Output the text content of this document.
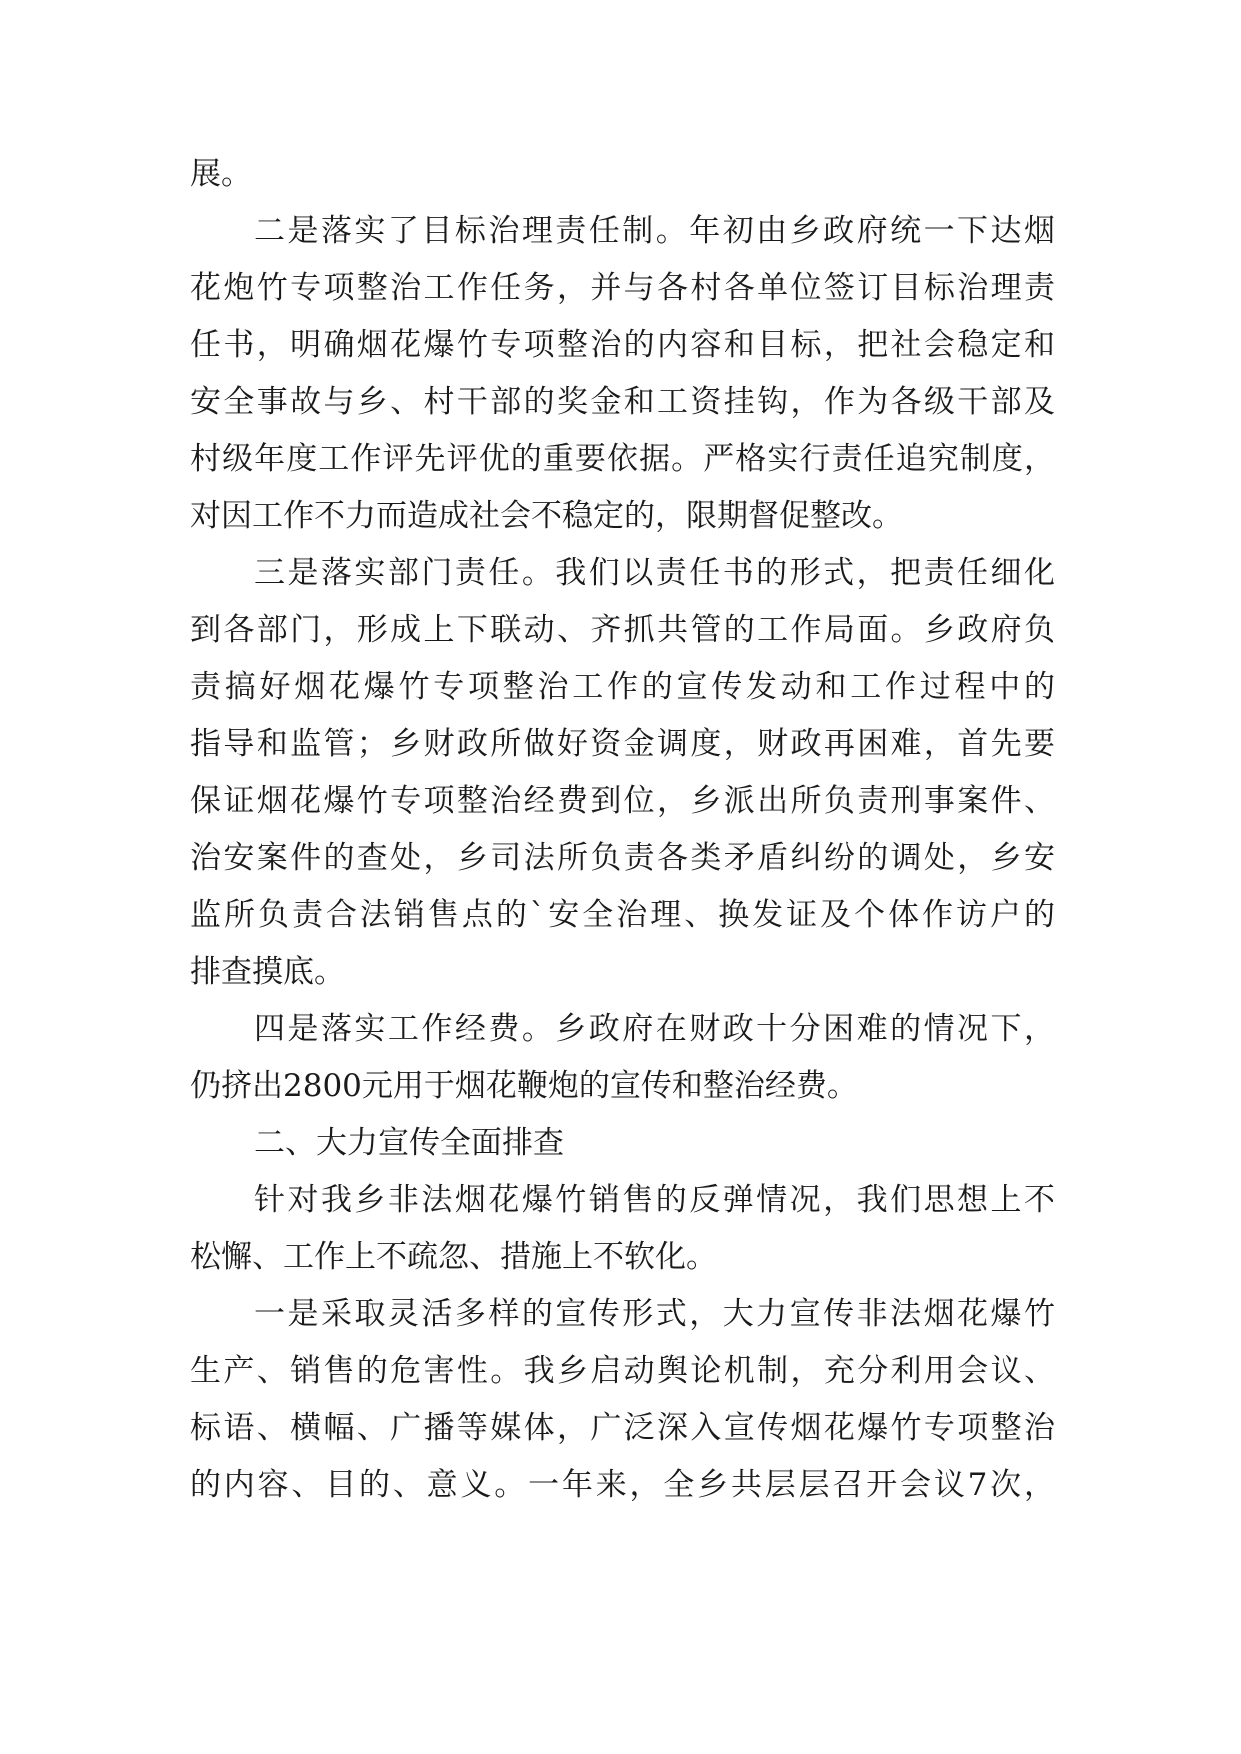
展。
二是落实了目标治理责任制。年初由乡政府统一下达烟
花炮竹专项整治工作任务，并与各村各单位签订目标治理责
任书，明确烟花爆竹专项整治的内容和目标，把社会稳定和
安全事故与乡、村干部的奖金和工资挂钩，作为各级干部及
村级年度工作评先评优的重要依据。严格实行责任追究制度，
对因工作不力而造成社会不稳定的，限期督促整改。
三是落实部门责任。我们以责任书的形式，把责任细化
到各部门，形成上下联动、齐抓共管的工作局面。乡政府负
责搞好烟花爆竹专项整治工作的宣传发动和工作过程中的
指导和监管；乡财政所做好资金调度，财政再困难，首先要
保证烟花爆竹专项整治经费到位，乡派出所负责刑事案件、
治安案件的查处，乡司法所负责各类矛盾纠纷的调处，乡安
监所负责合法销售点的`安全治理、换发证及个体作访户的
排查摸底。
四是落实工作经费。乡政府在财政十分困难的情况下，
仍挤出2800元用于烟花鞭炮的宣传和整治经费。
二、大力宣传全面排查
针对我乡非法烟花爆竹销售的反弹情况，我们思想上不
松懈、工作上不疏忽、措施上不软化。
一是采取灵活多样的宣传形式，大力宣传非法烟花爆竹
生产、销售的危害性。我乡启动舆论机制，充分利用会议、
标语、横幅、广播等媒体，广泛深入宣传烟花爆竹专项整治
的内容、目的、意义。一年来，全乡共层层召开会议7次，
